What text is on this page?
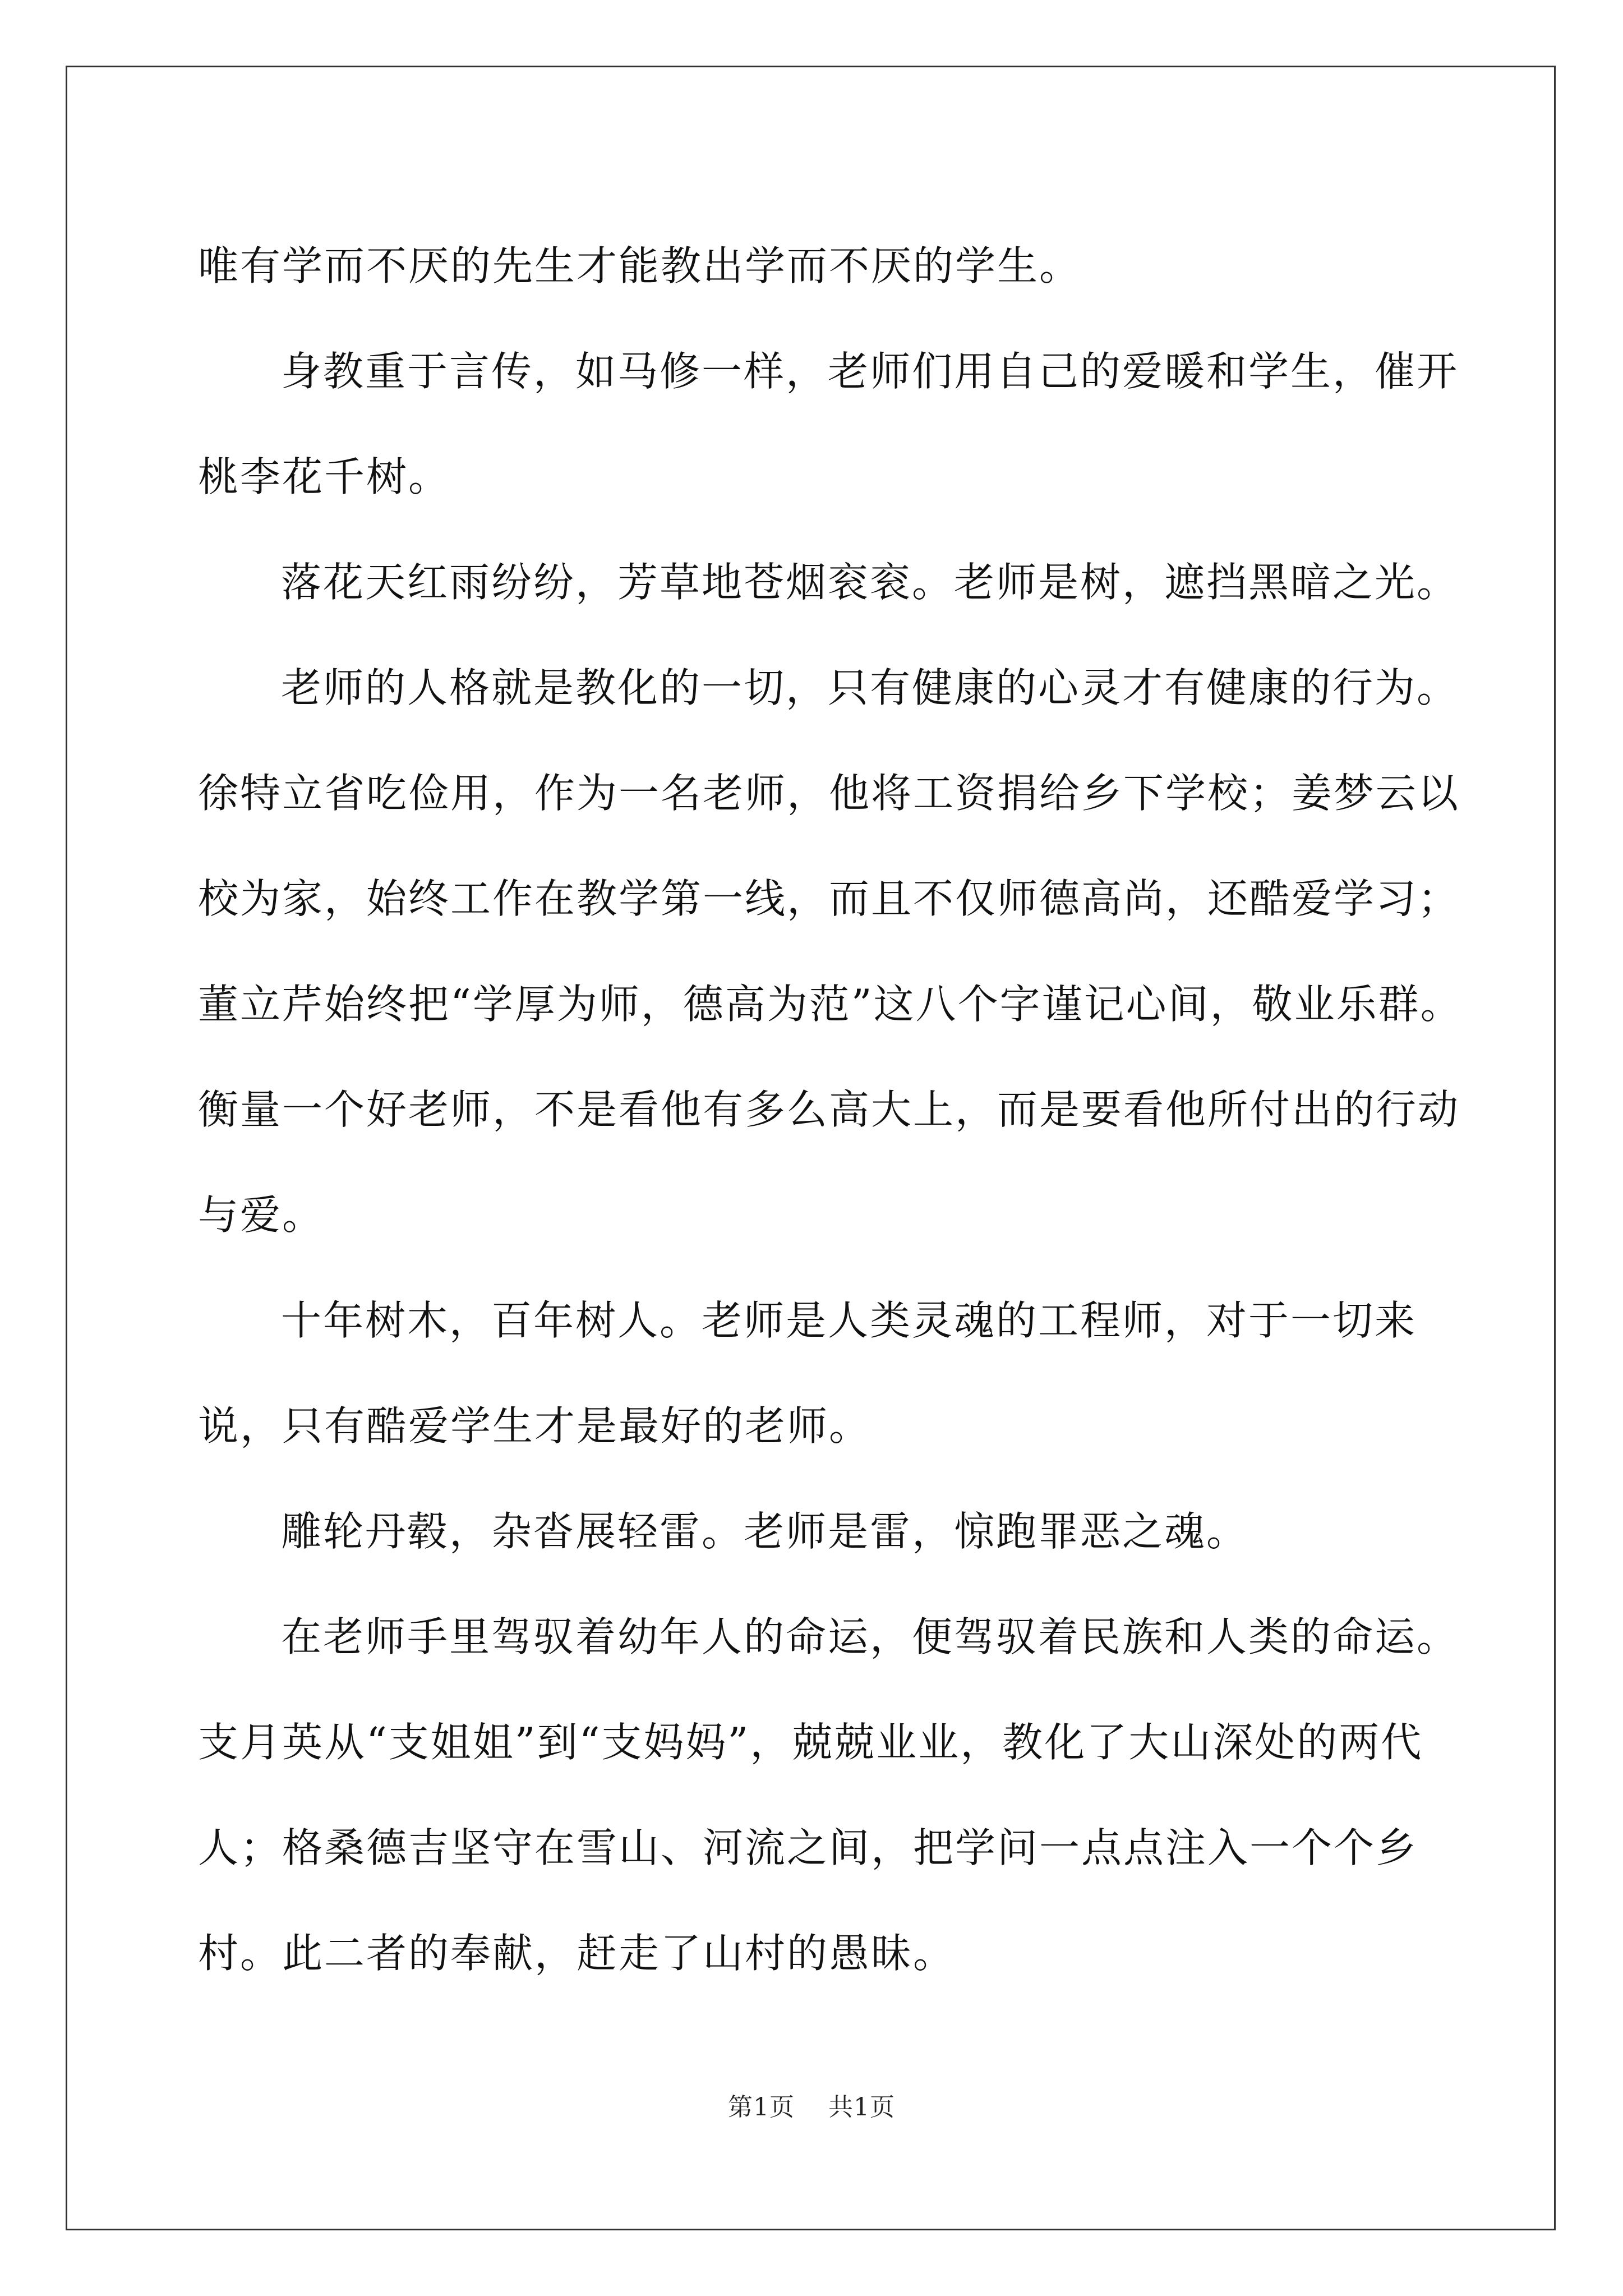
唯有学而不厌的先生才能教出学而不厌的学生。

身教重于言传，如马修一样，老师们用自己的爱暖和学生，催开桃李花千树。

落花天红雨纷纷，芳草地苍烟衮衮。老师是树，遮挡黑暗之光。

老师的人格就是教化的一切，只有健康的心灵才有健康的行为。徐特立省吃俭用，作为一名老师，他将工资捐给乡下学校；姜梦云以校为家，始终工作在教学第一线，而且不仅师德高尚，还酷爱学习；董立芹始终把“学厚为师，德高为范”这八个字谨记心间，敬业乐群。衡量一个好老师，不是看他有多么高大上，而是要看他所付出的行动与爱。

十年树木，百年树人。老师是人类灵魂的工程师，对于一切来说，只有酷爱学生才是最好的老师。

雕轮丹毂，杂沓展轻雷。老师是雷，惊跑罪恶之魂。

在老师手里驾驭着幼年人的命运，便驾驭着民族和人类的命运。支月英从“支姐姐”到“支妈妈”，兢兢业业，教化了大山深处的两代人；格桑德吉坚守在雪山、河流之间，把学问一点点注入一个个乡村。此二者的奉献，赶走了山村的愚昧。

第1页 共1页
